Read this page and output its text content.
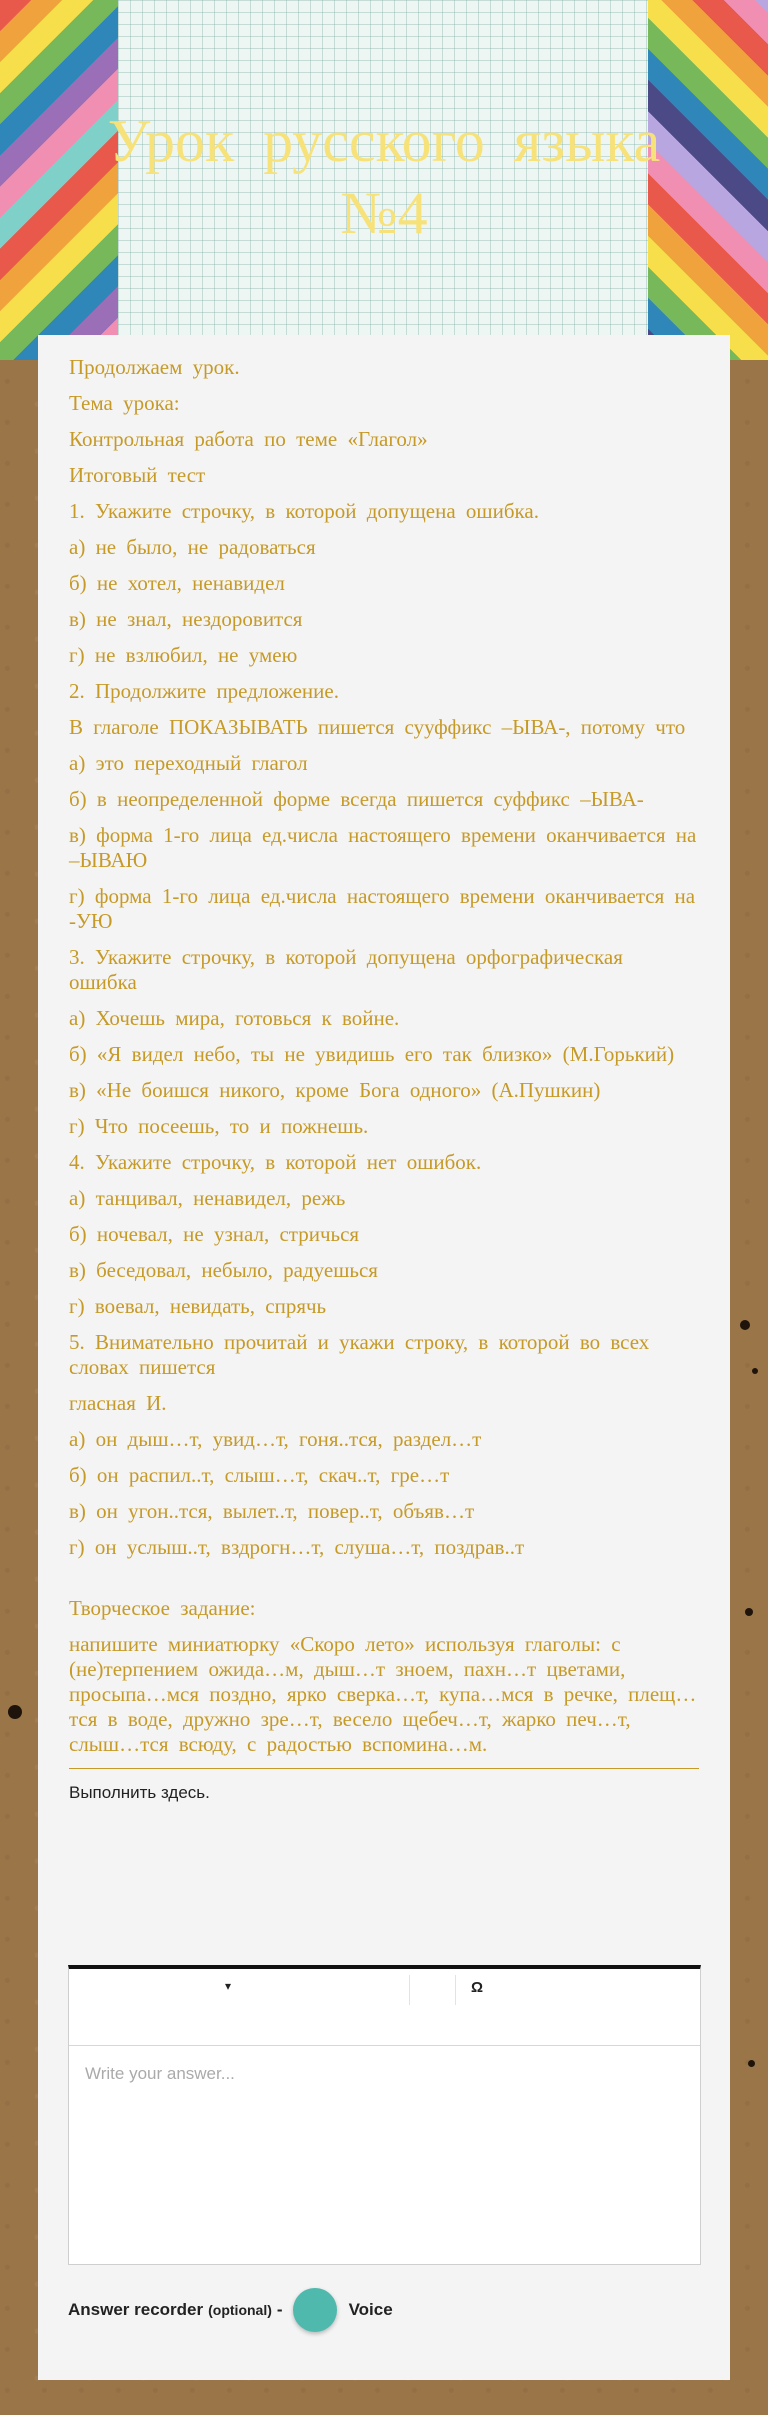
Урок русского языка
№4
Продолжаем урок.
Тема урока:
Контрольная работа по теме «Глагол»
Итоговый тест
1. Укажите строчку, в которой допущена ошибка.
а) не было, не радоваться
б) не хотел, ненавидел
в) не знал, нездоровится
г) не взлюбил, не умею
2. Продолжите предложение.
В глаголе ПОКАЗЫВАТЬ пишется сууффикс –ЫВА-, потому что
а) это переходный глагол
б) в неопределенной форме всегда пишется суффикс –ЫВА-
в) форма 1-го лица ед.числа настоящего времени оканчивается на –ЫВАЮ
г) форма 1-го лица ед.числа настоящего времени оканчивается на -УЮ
3. Укажите строчку, в которой допущена орфографическая ошибка
а) Хочешь мира, готовься к войне.
б) «Я видел небо, ты не увидишь его так близко» (М.Горький)
в) «Не боишся никого, кроме Бога одного» (А.Пушкин)
г) Что посеешь, то и пожнешь.
4. Укажите строчку, в которой нет ошибок.
а) танцивал, ненавидел, режь
б) ночевал, не узнал, стричься
в) беседовал, небыло, радуешься
г) воевал, невидать, спрячь
5. Внимательно прочитай и укажи строку, в которой во всех словах пишется
гласная И.
а) он дыш…т, увид…т, гоня..тся, раздел…т
б) он распил..т, слыш…т, скач..т, гре…т
в) он угон..тся, вылет..т, повер..т, объяв…т
г) он услыш..т, вздрогн…т, слуша…т, поздрав..т
Творческое задание:
напишите миниатюрку «Скоро лето» используя глаголы: с (не)терпением ожида…м, дыш…т зноем, пахн…т цветами, просыпа…мся поздно, ярко сверка…т, купа…мся в речке, плещ…тся в воде, дружно зре…т, весело щебеч…т, жарко печ…т, слыш…тся всюду, с радостью вспомина…м.
Выполнить здесь.
▾	Ω
Write your answer...
Answer recorder (optional) -	Voice
